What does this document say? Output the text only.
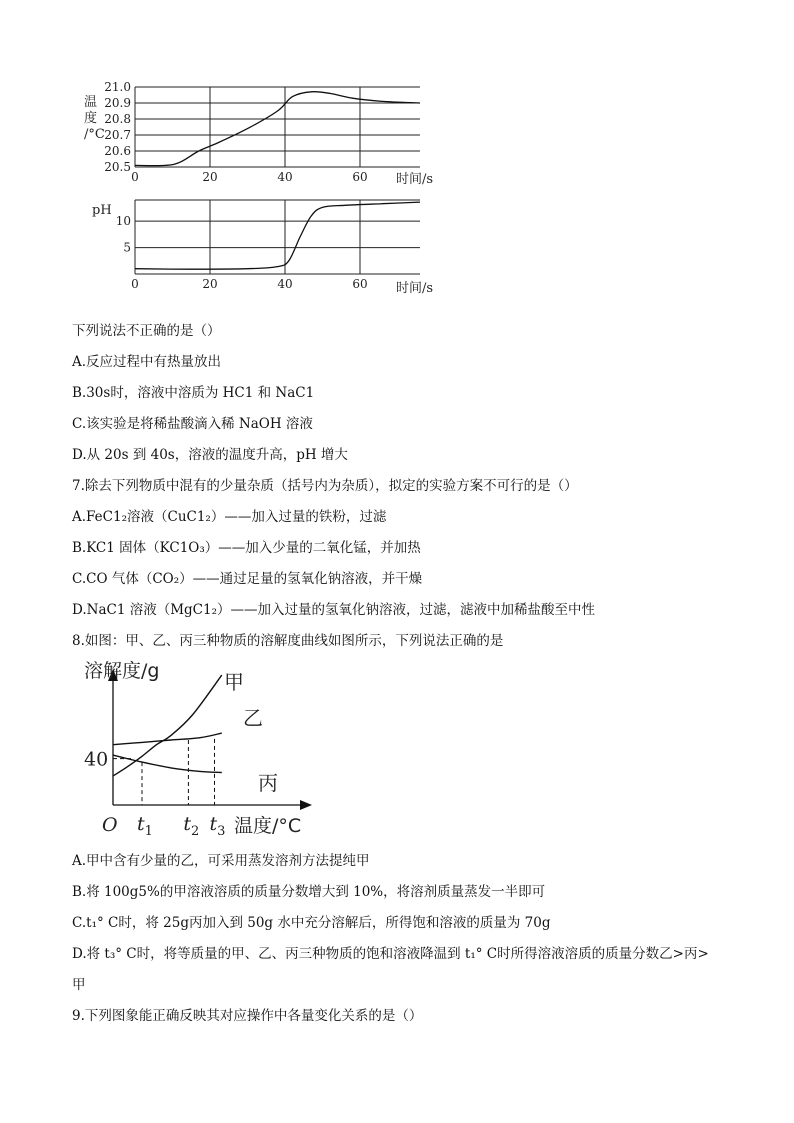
20.5
20.6
20.7
20.8
20.9
21.0
0	20	40	60 时间/s
温
度
/°C
5
10
0	20	40	60 时间/s
pH
下列说法不正确的是（）
A.反应过程中有热量放出
B.30s时，溶液中溶质为 HC1 和 NaC1
C.该实验是将稀盐酸滴入稀 NaOH 溶液
D.从 20s 到 40s，溶液的温度升高，pH 增大
7.除去下列物质中混有的少量杂质（括号内为杂质），拟定的实验方案不可行的是（）
A.FeC1₂溶液（CuC1₂）——加入过量的铁粉，过滤
B.KC1 固体（KC1O₃）——加入少量的二氧化锰，并加热
C.CO 气体（CO₂）——通过足量的氢氧化钠溶液，并干燥
D.NaC1 溶液（MgC1₂）——加入过量的氢氧化钠溶液，过滤，滤液中加稀盐酸至中性
8.如图：甲、乙、丙三种物质的溶解度曲线如图所示，下列说法正确的是
溶解度/g
温度/°C
O
40
甲
乙
丙
$t_1$ $t_2$ $t_3$
A.甲中含有少量的乙，可采用蒸发溶剂方法提纯甲
B.将 100g5%的甲溶液溶质的质量分数增大到 10%，将溶剂质量蒸发一半即可
C.t₁° C时，将 25g丙加入到 50g 水中充分溶解后，所得饱和溶液的质量为 70g
D.将 t₃° C时，将等质量的甲、乙、丙三种物质的饱和溶液降温到 t₁° C时所得溶液溶质的质量分数乙>丙>
甲
9.下列图象能正确反映其对应操作中各量变化关系的是（）
